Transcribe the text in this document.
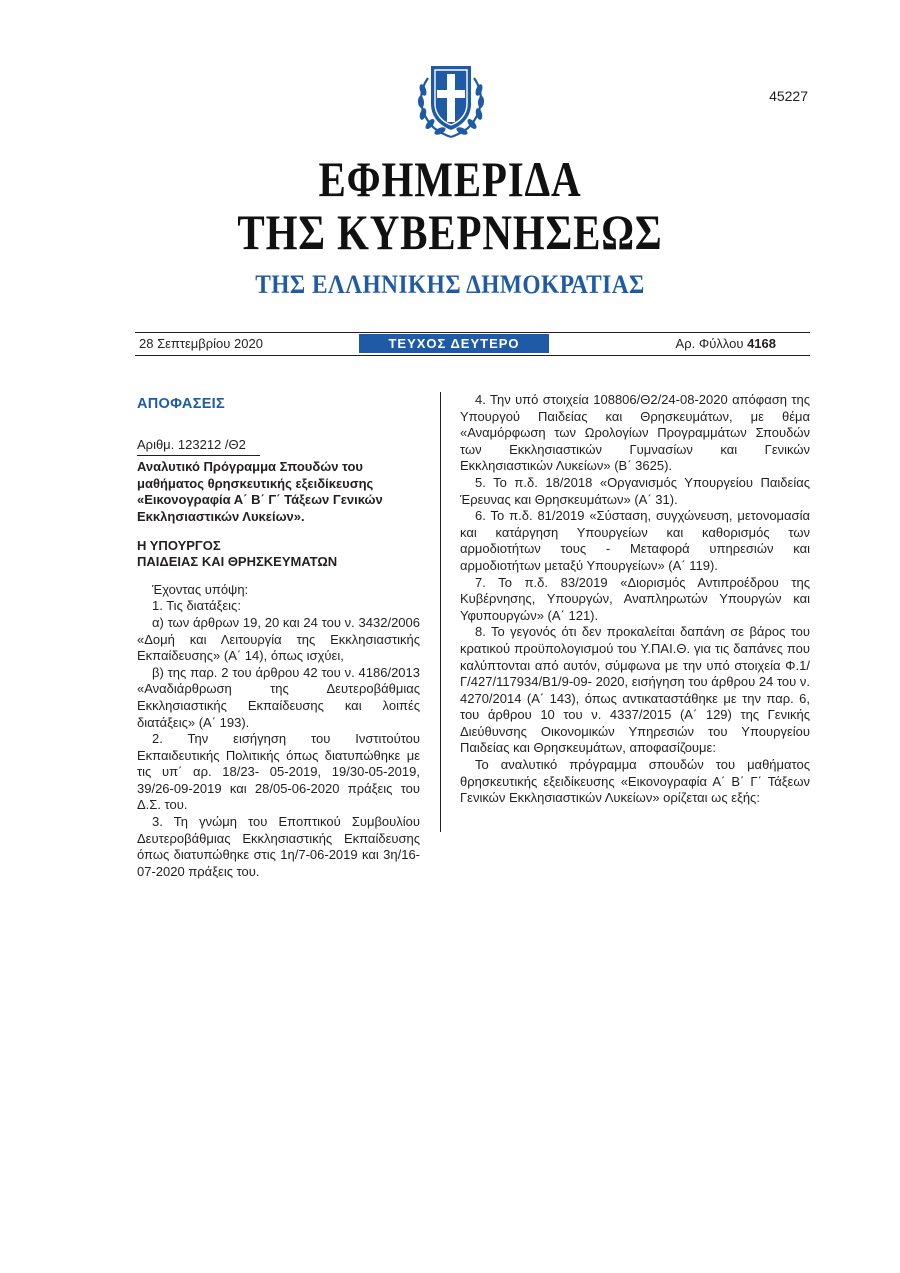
45227
ΕΦΗΜΕΡΙΔΑ
ΤΗΣ ΚΥΒΕΡΝΗΣΕΩΣ
ΤΗΣ ΕΛΛΗΝΙΚΗΣ ΔΗΜΟΚΡΑΤΙΑΣ
28 Σεπτεμβρίου 2020	ΤΕΥΧΟΣ ΔΕΥΤΕΡΟ	Αρ. Φύλλου 4168
ΑΠΟΦΑΣΕΙΣ
Αριθμ. 123212 /Θ2
Αναλυτικό Πρόγραμμα Σπουδών του μαθήματος θρησκευτικής εξειδίκευσης «Εικονογραφία Α΄ Β΄ Γ΄ Τάξεων Γενικών Εκκλησιαστικών Λυκείων».
Η ΥΠΟΥΡΓΟΣ
ΠΑΙΔΕΙΑΣ ΚΑΙ ΘΡΗΣΚΕΥΜΑΤΩΝ

Έχοντας υπόψη:

1. Τις διατάξεις:

α) των άρθρων 19, 20 και 24 του ν. 3432/2006 «Δομή και Λειτουργία της Εκκλησιαστικής Εκπαίδευσης» (Α΄ 14), όπως ισχύει,

β) της παρ. 2 του άρθρου 42 του ν. 4186/2013 «Αναδιάρθρωση της Δευτεροβάθμιας Εκκλησιαστικής Εκπαίδευσης και λοιπές διατάξεις» (Α΄ 193).

2. Την εισήγηση του Ινστιτούτου Εκπαιδευτικής Πολιτικής όπως διατυπώθηκε με τις υπ΄ αρ. 18/23- 05-2019, 19/30-05-2019, 39/26-09-2019 και 28/05-06-2020 πράξεις του Δ.Σ. του.

3. Τη γνώμη του Εποπτικού Συμβουλίου Δευτεροβάθμιας Εκκλησιαστικής Εκπαίδευσης όπως διατυπώθηκε στις 1η/7-06-2019 και 3η/16-07-2020 πράξεις του.

4. Την υπό στοιχεία 108806/Θ2/24-08-2020 απόφαση της Υπουργού Παιδείας και Θρησκευμάτων, με θέμα «Αναμόρφωση των Ωρολογίων Προγραμμάτων Σπουδών των Εκκλησιαστικών Γυμνασίων και Γενικών Εκκλησιαστικών Λυκείων» (Β΄ 3625).

5. Το π.δ. 18/2018 «Οργανισμός Υπουργείου Παιδείας Έρευνας και Θρησκευμάτων» (Α΄ 31).

6. Το π.δ. 81/2019 «Σύσταση, συγχώνευση, μετονομασία και κατάργηση Υπουργείων και καθορισμός των αρμοδιοτήτων τους - Μεταφορά υπηρεσιών και αρμοδιοτήτων μεταξύ Υπουργείων» (Α΄ 119).

7. Το π.δ. 83/2019 «Διορισμός Αντιπροέδρου της Κυβέρνησης, Υπουργών, Αναπληρωτών Υπουργών και Υφυπουργών» (Α΄ 121).

8. Το γεγονός ότι δεν προκαλείται δαπάνη σε βάρος του κρατικού προϋπολογισμού του Υ.ΠΑΙ.Θ. για τις δαπάνες που καλύπτονται από αυτόν, σύμφωνα με την υπό στοιχεία Φ.1/Γ/427/117934/Β1/9-09- 2020, εισήγηση του άρθρου 24 του ν. 4270/2014 (Α΄ 143), όπως αντικαταστάθηκε με την παρ. 6, του άρθρου 10 του ν. 4337/2015 (Α΄ 129) της Γενικής Διεύθυνσης Οικονομικών Υπηρεσιών του Υπουργείου Παιδείας και Θρησκευμάτων, αποφασίζουμε:

Το αναλυτικό πρόγραμμα σπουδών του μαθήματος θρησκευτικής εξειδίκευσης «Εικονογραφία Α΄ Β΄ Γ΄ Τάξεων Γενικών Εκκλησιαστικών Λυκείων» ορίζεται ως εξής:
